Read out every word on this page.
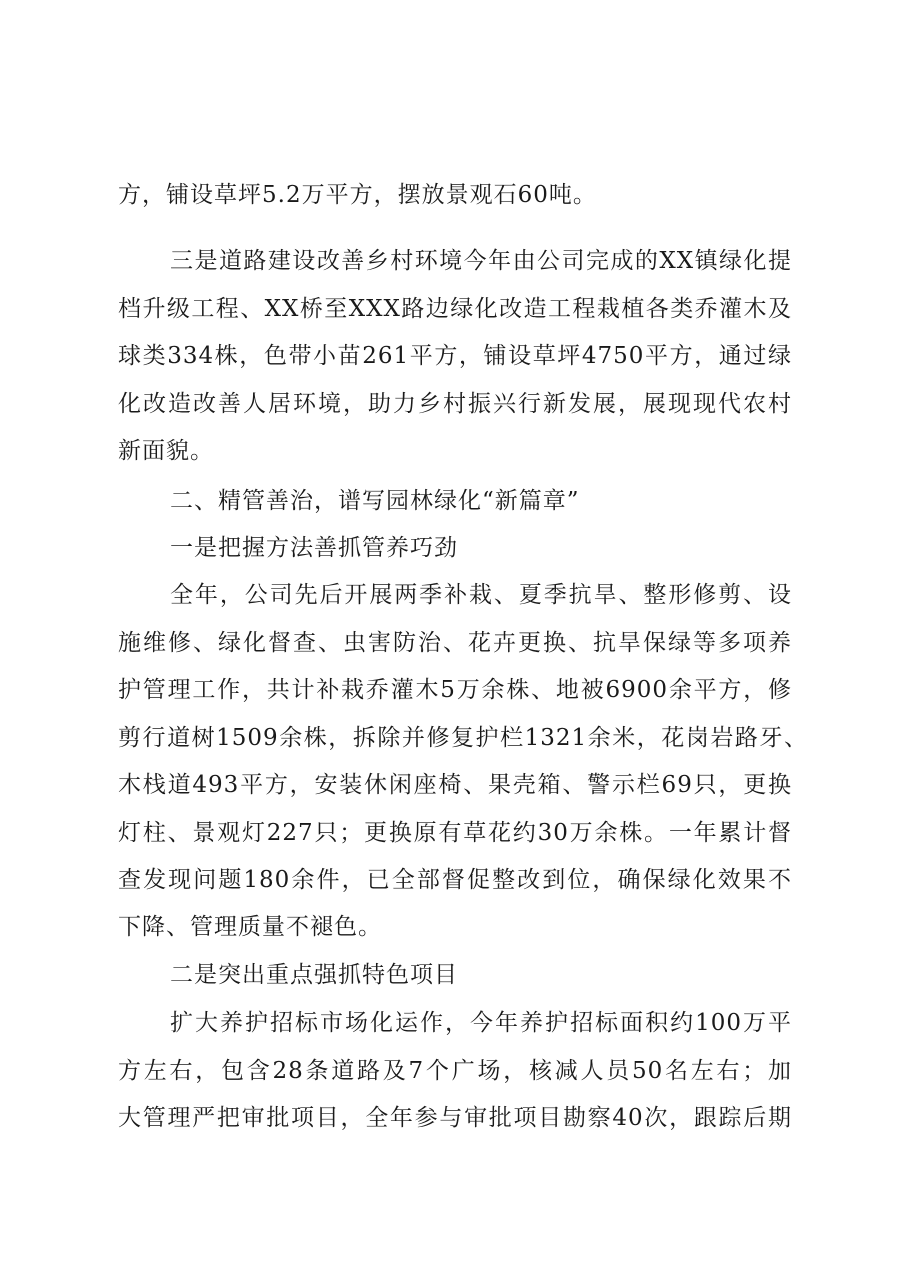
方，铺设草坪5.2万平方，摆放景观石60吨。
三是道路建设改善乡村环境今年由公司完成的XX镇绿化提
档升级工程、XX桥至XXX路边绿化改造工程栽植各类乔灌木及
球类334株，色带小苗261平方，铺设草坪4750平方，通过绿
化改造改善人居环境，助力乡村振兴行新发展，展现现代农村
新面貌。
二、精管善治，谱写园林绿化“新篇章”
一是把握方法善抓管养巧劲
全年，公司先后开展两季补栽、夏季抗旱、整形修剪、设
施维修、绿化督查、虫害防治、花卉更换、抗旱保绿等多项养
护管理工作，共计补栽乔灌木5万余株、地被6900余平方，修
剪行道树1509余株，拆除并修复护栏1321余米，花岗岩路牙、
木栈道493平方，安装休闲座椅、果壳箱、警示栏69只，更换
灯柱、景观灯227只；更换原有草花约30万余株。一年累计督
查发现问题180余件，已全部督促整改到位，确保绿化效果不
下降、管理质量不褪色。
二是突出重点强抓特色项目
扩大养护招标市场化运作，今年养护招标面积约100万平
方左右，包含28条道路及7个广场，核减人员50名左右；加
大管理严把审批项目，全年参与审批项目勘察40次，跟踪后期
